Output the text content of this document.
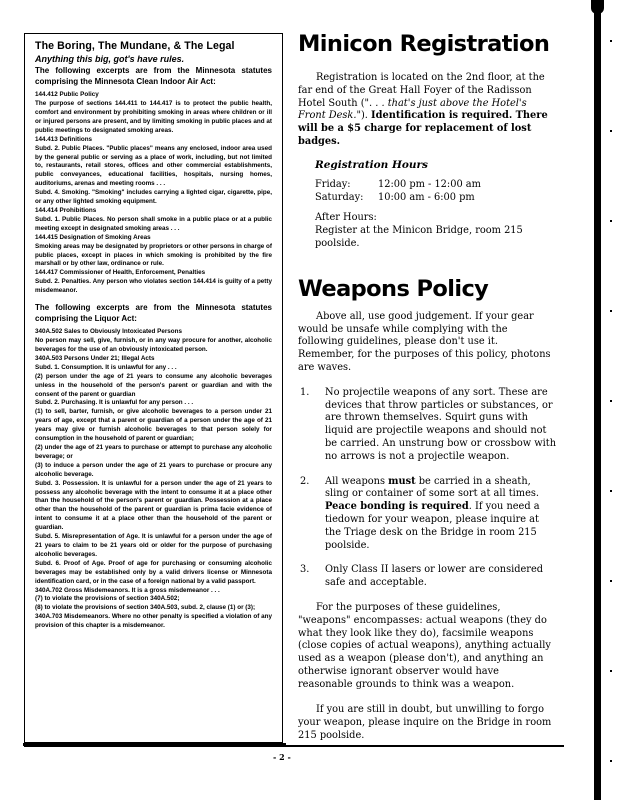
The Boring, The Mundane, & The Legal
Anything this big, got's have rules.

The following excerpts are from the Minnesota statutes comprising the Minnesota Clean Indoor Air Act:

144.412 Public Policy

The purpose of sections 144.411 to 144.417 is to protect the public health, comfort and environment by prohibiting smoking in areas where children or ill or injured persons are present, and by limiting smoking in public places and at public meetings to designated smoking areas.

144.413 Definitions

Subd. 2. Public Places. "Public places" means any enclosed, indoor area used by the general public or serving as a place of work, including, but not limited to, restaurants, retail stores, offices and other commercial establishments, public conveyances, educational facilities, hospitals, nursing homes, auditoriums, arenas and meeting rooms . . .

Subd. 4. Smoking. "Smoking" includes carrying a lighted cigar, cigarette, pipe, or any other lighted smoking equipment.

144.414 Prohibitions

Subd. 1. Public Places. No person shall smoke in a public place or at a public meeting except in designated smoking areas . . .

144.415 Designation of Smoking Areas

Smoking areas may be designated by proprietors or other persons in charge of public places, except in places in which smoking is prohibited by the fire marshall or by other law, ordinance or rule.

144.417 Commissioner of Health, Enforcement, Penalties

Subd. 2. Penalties. Any person who violates section 144.414 is guilty of a petty misdemeanor.

The following excerpts are from the Minnesota statutes comprising the Liquor Act:

340A.502 Sales to Obviously Intoxicated Persons

No person may sell, give, furnish, or in any way procure for another, alcoholic beverages for the use of an obviously intoxicated person.

340A.503 Persons Under 21; Illegal Acts

Subd. 1. Consumption. It is unlawful for any . . .

(2) person under the age of 21 years to consume any alcoholic beverages unless in the household of the person's parent or guardian and with the consent of the parent or guardian

Subd. 2. Purchasing. It is unlawful for any person . . .

(1) to sell, barter, furnish, or give alcoholic beverages to a person under 21 years of age, except that a parent or guardian of a person under the age of 21 years may give or furnish alcoholic beverages to that person solely for consumption in the household of parent or guardian;

(2) under the age of 21 years to purchase or attempt to purchase any alcoholic beverage; or

(3) to induce a person under the age of 21 years to purchase or procure any alcoholic beverage.

Subd. 3. Possession. It is unlawful for a person under the age of 21 years to possess any alcoholic beverage with the intent to consume it at a place other than the household of the person's parent or guardian. Possession at a place other than the household of the parent or guardian is prima facie evidence of intent to consume it at a place other than the household of the parent or guardian.

Subd. 5. Misrepresentation of Age. It is unlawful for a person under the age of 21 years to claim to be 21 years old or older for the purpose of purchasing alcoholic beverages.

Subd. 6. Proof of Age. Proof of age for purchasing or consuming alcoholic beverages may be established only by a valid drivers license or Minnesota identification card, or in the case of a foreign national by a valid passport.

340A.702 Gross Misdemeanors. It is a gross misdemeanor . . .

(7) to violate the provisions of section 340A.502;

(8) to violate the provisions of section 340A.503, subd. 2, clause (1) or (3);

340A.703 Misdemeanors. Where no other penalty is specified a violation of any provision of this chapter is a misdemeanor.

Minicon Registration

Registration is located on the 2nd floor, at the far end of the Great Hall Foyer of the Radisson Hotel South (". . . that's just above the Hotel's Front Desk."). Identification is required. There will be a $5 charge for replacement of lost badges.

Registration Hours
Friday:	12:00 pm - 12:00 am
Saturday:	10:00 am - 6:00 pm
After Hours:
Register at the Minicon Bridge, room 215 poolside.
Weapons Policy

Above all, use good judgement. If your gear would be unsafe while complying with the following guidelines, please don't use it. Remember, for the purposes of this policy, photons are waves.

1.	No projectile weapons of any sort. These are devices that throw particles or substances, or are thrown themselves. Squirt guns with liquid are projectile weapons and should not be carried. An unstrung bow or crossbow with no arrows is not a projectile weapon.
2.	All weapons must be carried in a sheath, sling or container of some sort at all times. Peace bonding is required. If you need a tiedown for your weapon, please inquire at the Triage desk on the Bridge in room 215 poolside.
3.	Only Class II lasers or lower are considered safe and acceptable.

For the purposes of these guidelines, "weapons" encompasses: actual weapons (they do what they look like they do), facsimile weapons (close copies of actual weapons), anything actually used as a weapon (please don't), and anything an otherwise ignorant observer would have reasonable grounds to think was a weapon.

If you are still in doubt, but unwilling to forgo your weapon, please inquire on the Bridge in room 215 poolside.

- 2 -
